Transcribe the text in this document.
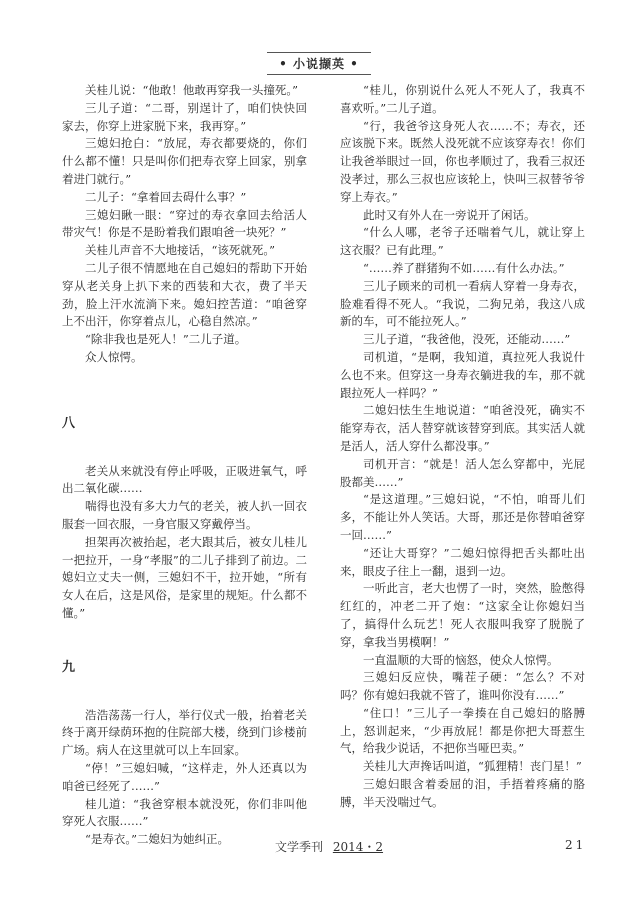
• 小说撷英 •

关桂儿说：“他敢！他敢再穿我一头撞死。”

三儿子道：“二哥，别逞计了，咱们快快回家去，你穿上进家脱下来，我再穿。”

三媳妇抢白：“放屁，寿衣都要烧的，你们什么都不懂！只是叫你们把寿衣穿上回家，别拿着进门就行。”

二儿子：“拿着回去碍什么事？”

三媳妇瞅一眼：“穿过的寿衣拿回去给活人带灾气！你是不是盼着我们跟咱爸一块死？”

关桂儿声音不大地接话，“该死就死。”

二儿子很不情愿地在自己媳妇的帮助下开始穿从老关身上扒下来的西装和大衣，费了半天劲，脸上汗水流淌下来。媳妇控苦道：“咱爸穿上不出汗，你穿着点儿，心稳自然凉。”

“除非我也是死人！”二儿子道。

众人惊愕。

八

老关从来就没有停止呼吸，正吸进氧气，呼出二氧化碳……

喘得也没有多大力气的老关，被人扒一回衣服套一回衣服，一身官服又穿戴停当。

担架再次被抬起，老大跟其后，被女儿桂儿一把拉开，一身“孝服”的二儿子排到了前边。二媳妇立丈夫一侧，三媳妇不干，拉开她，“所有女人在后，这是风俗，是家里的规矩。什么都不懂。”

九

浩浩荡荡一行人，举行仪式一般，抬着老关终于离开绿荫环抱的住院部大楼，绕到门诊楼前广场。病人在这里就可以上车回家。

“停！”三媳妇喊，“这样走，外人还真以为咱爸已经死了……”

桂儿道：“我爸穿根本就没死，你们非叫他穿死人衣服……”

“是寿衣。”二媳妇为她纠正。

“桂儿，你别说什么死人不死人了，我真不喜欢听。”二儿子道。

“行，我爸爷这身死人衣……不；寿衣，还应该脱下来。既然人没死就不应该穿寿衣！你们让我爸举眼过一回，你也孝顺过了，我看三叔还没孝过，那么三叔也应该轮上，快叫三叔替爷爷穿上寿衣。”

此时又有外人在一旁说开了闲话。

“什么人哪，老爷子还喘着气儿，就让穿上这衣服？已有此理。”

“……养了群猪狗不如……有什么办法。”

三儿子顾来的司机一看病人穿着一身寿衣，脸难看得不死人。“我说，二狗兄弟，我这八成新的车，可不能拉死人。”

三儿子道，“我爸他，没死，还能动……”

司机道，“是啊，我知道，真拉死人我说什么也不来。但穿这一身寿衣躺进我的车，那不就跟拉死人一样吗？”

二媳妇怯生生地说道：“咱爸没死，确实不能穿寿衣，活人替穿就该替穿到底。其实活人就是活人，活人穿什么都没事。”

司机开言：“就是！活人怎么穿都中，光屁股都美……”

“是这道理。”三媳妇说，“不怕，咱哥儿们多，不能让外人笑话。大哥，那还是你替咱爸穿一回……”

“还让大哥穿？”二媳妇惊得把舌头都吐出来，眼皮子往上一翻，退到一边。

一听此言，老大也愣了一时，突然，脸憋得红红的，冲老二开了炮：“这家全让你媳妇当了，搞得什么玩艺！死人衣服叫我穿了脱脱了穿，拿我当男模啊！”

一直温顺的大哥的恼怒，使众人惊愕。

三媳妇反应快，嘴茬子硬：“怎么？不对吗？你有媳妇我就不管了，谁叫你没有……”

“住口！”三儿子一拳揍在自己媳妇的胳膊上，怒训起来，“少再放屁！都是你把大哥惹生气，给我少说话，不把你当哑巴卖。”

关桂儿大声搀话叫道，“狐狸精！丧门星！”

三媳妇眼含着委屈的泪，手捂着疼痛的胳膊，半天没喘过气。

文学季刊 2014・2	21
